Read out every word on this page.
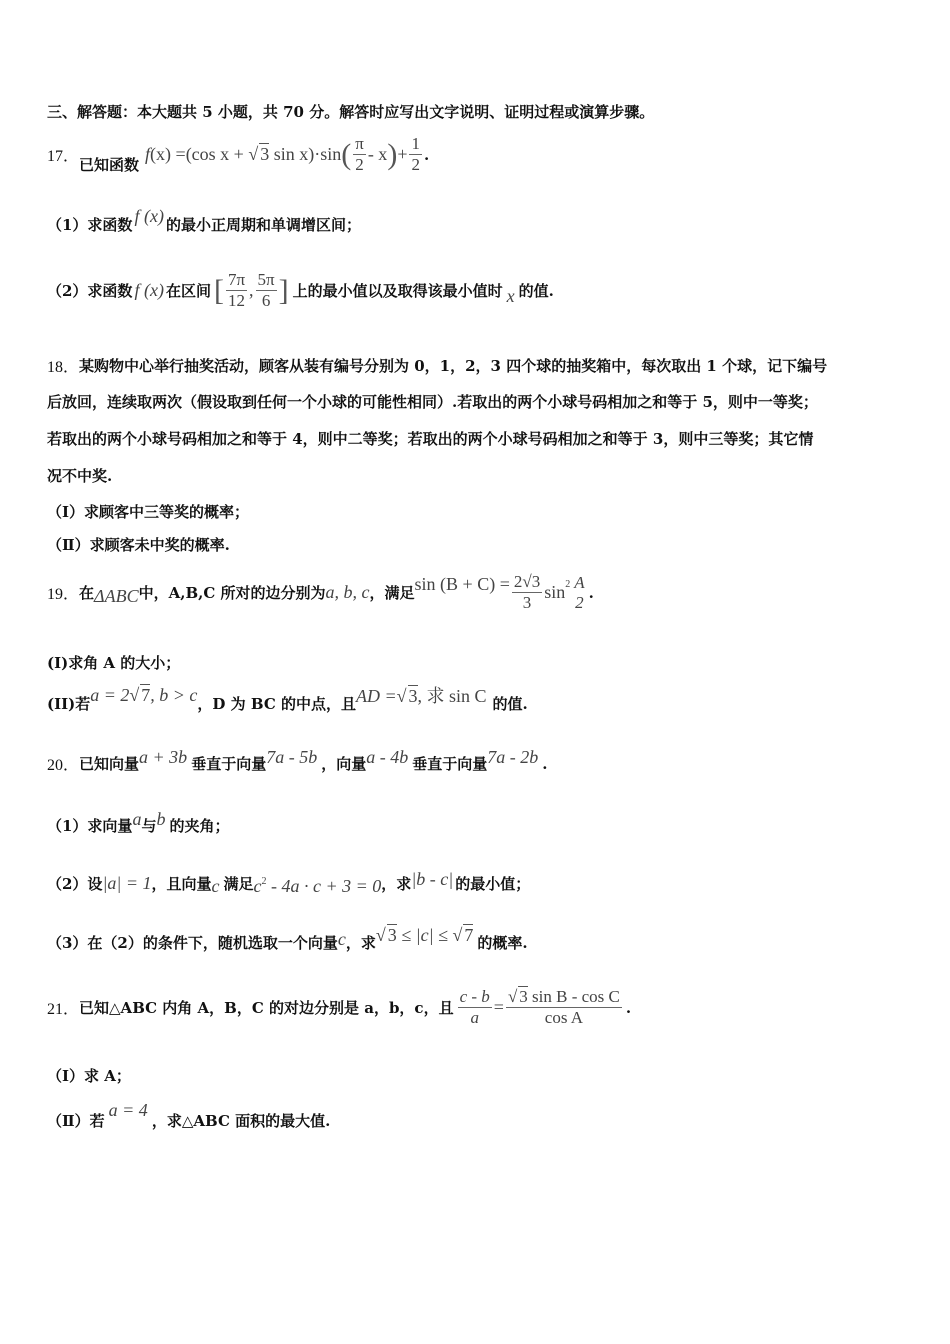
三、解答题：本大题共 5 小题，共 70 分。解答时应写出文字说明、证明过程或演算步骤。
17． 已知函数
f(x) =(cos x + √ 3 sin x)·sin ( $\frac{\pi}{2}$ - x ) + $\frac{1}{2}$ .
（1）求函数 f (x) 的最小正周期和单调增区间；
（2）求函数 f (x) 在区间 [ $\frac{7\pi}{12}$ , $\frac{5\pi}{6}$ ] 上的最小值以及取得该最小值时 x 的值.
18． 某购物中心举行抽奖活动，顾客从装有编号分别为 0，1，2，3 四个球的抽奖箱中，每次取出 1 个球，记下编号
后放回，连续取两次（假设取到任何一个小球的可能性相同）.若取出的两个小球号码相加之和等于 5，则中一等奖；
若取出的两个小球号码相加之和等于 4，则中二等奖；若取出的两个小球号码相加之和等于 3，则中三等奖；其它情
况不中奖.
（Ⅰ）求顾客中三等奖的概率；
（Ⅱ）求顾客未中奖的概率.
19． 在 ΔABC 中，A,B,C 所对的边分别为 a, b, c ，满足 $\sin (B + C) = \frac{2√3}{3}$ sin 2 A
2 .
(I)求角 A 的大小；
(II)若 a = 2 √ 7, b > c ，D 为 BC 的中点，且 AD = √ 3, 求 sin C 的值.
20． 已知向量 a + 3b 垂直于向量 7a - 5b ，向量 a - 4b 垂直于向量 7a - 2b .
（1）求向量 a 与 b 的夹角；
（2）设 |a| = 1 ，且向量 c 满足 $c^2 - 4a \cdot c + 3 = 0$ ，求 |b - c| 的最小值；
（3）在（2）的条件下，随机选取一个向量 c ，求 √ 3 ≤ |c| ≤ √ 7 的概率.
21． 已知△ABC 内角 A，B，C 的对边分别是 a，b，c，且 $\frac{c - b}{a}$ = √ $\frac{\text{3 sin B - cos C}}{\text{cos A}}$ .
（Ⅰ）求 A；
（Ⅱ）若
a = 4
，求△ABC 面积的最大值.
